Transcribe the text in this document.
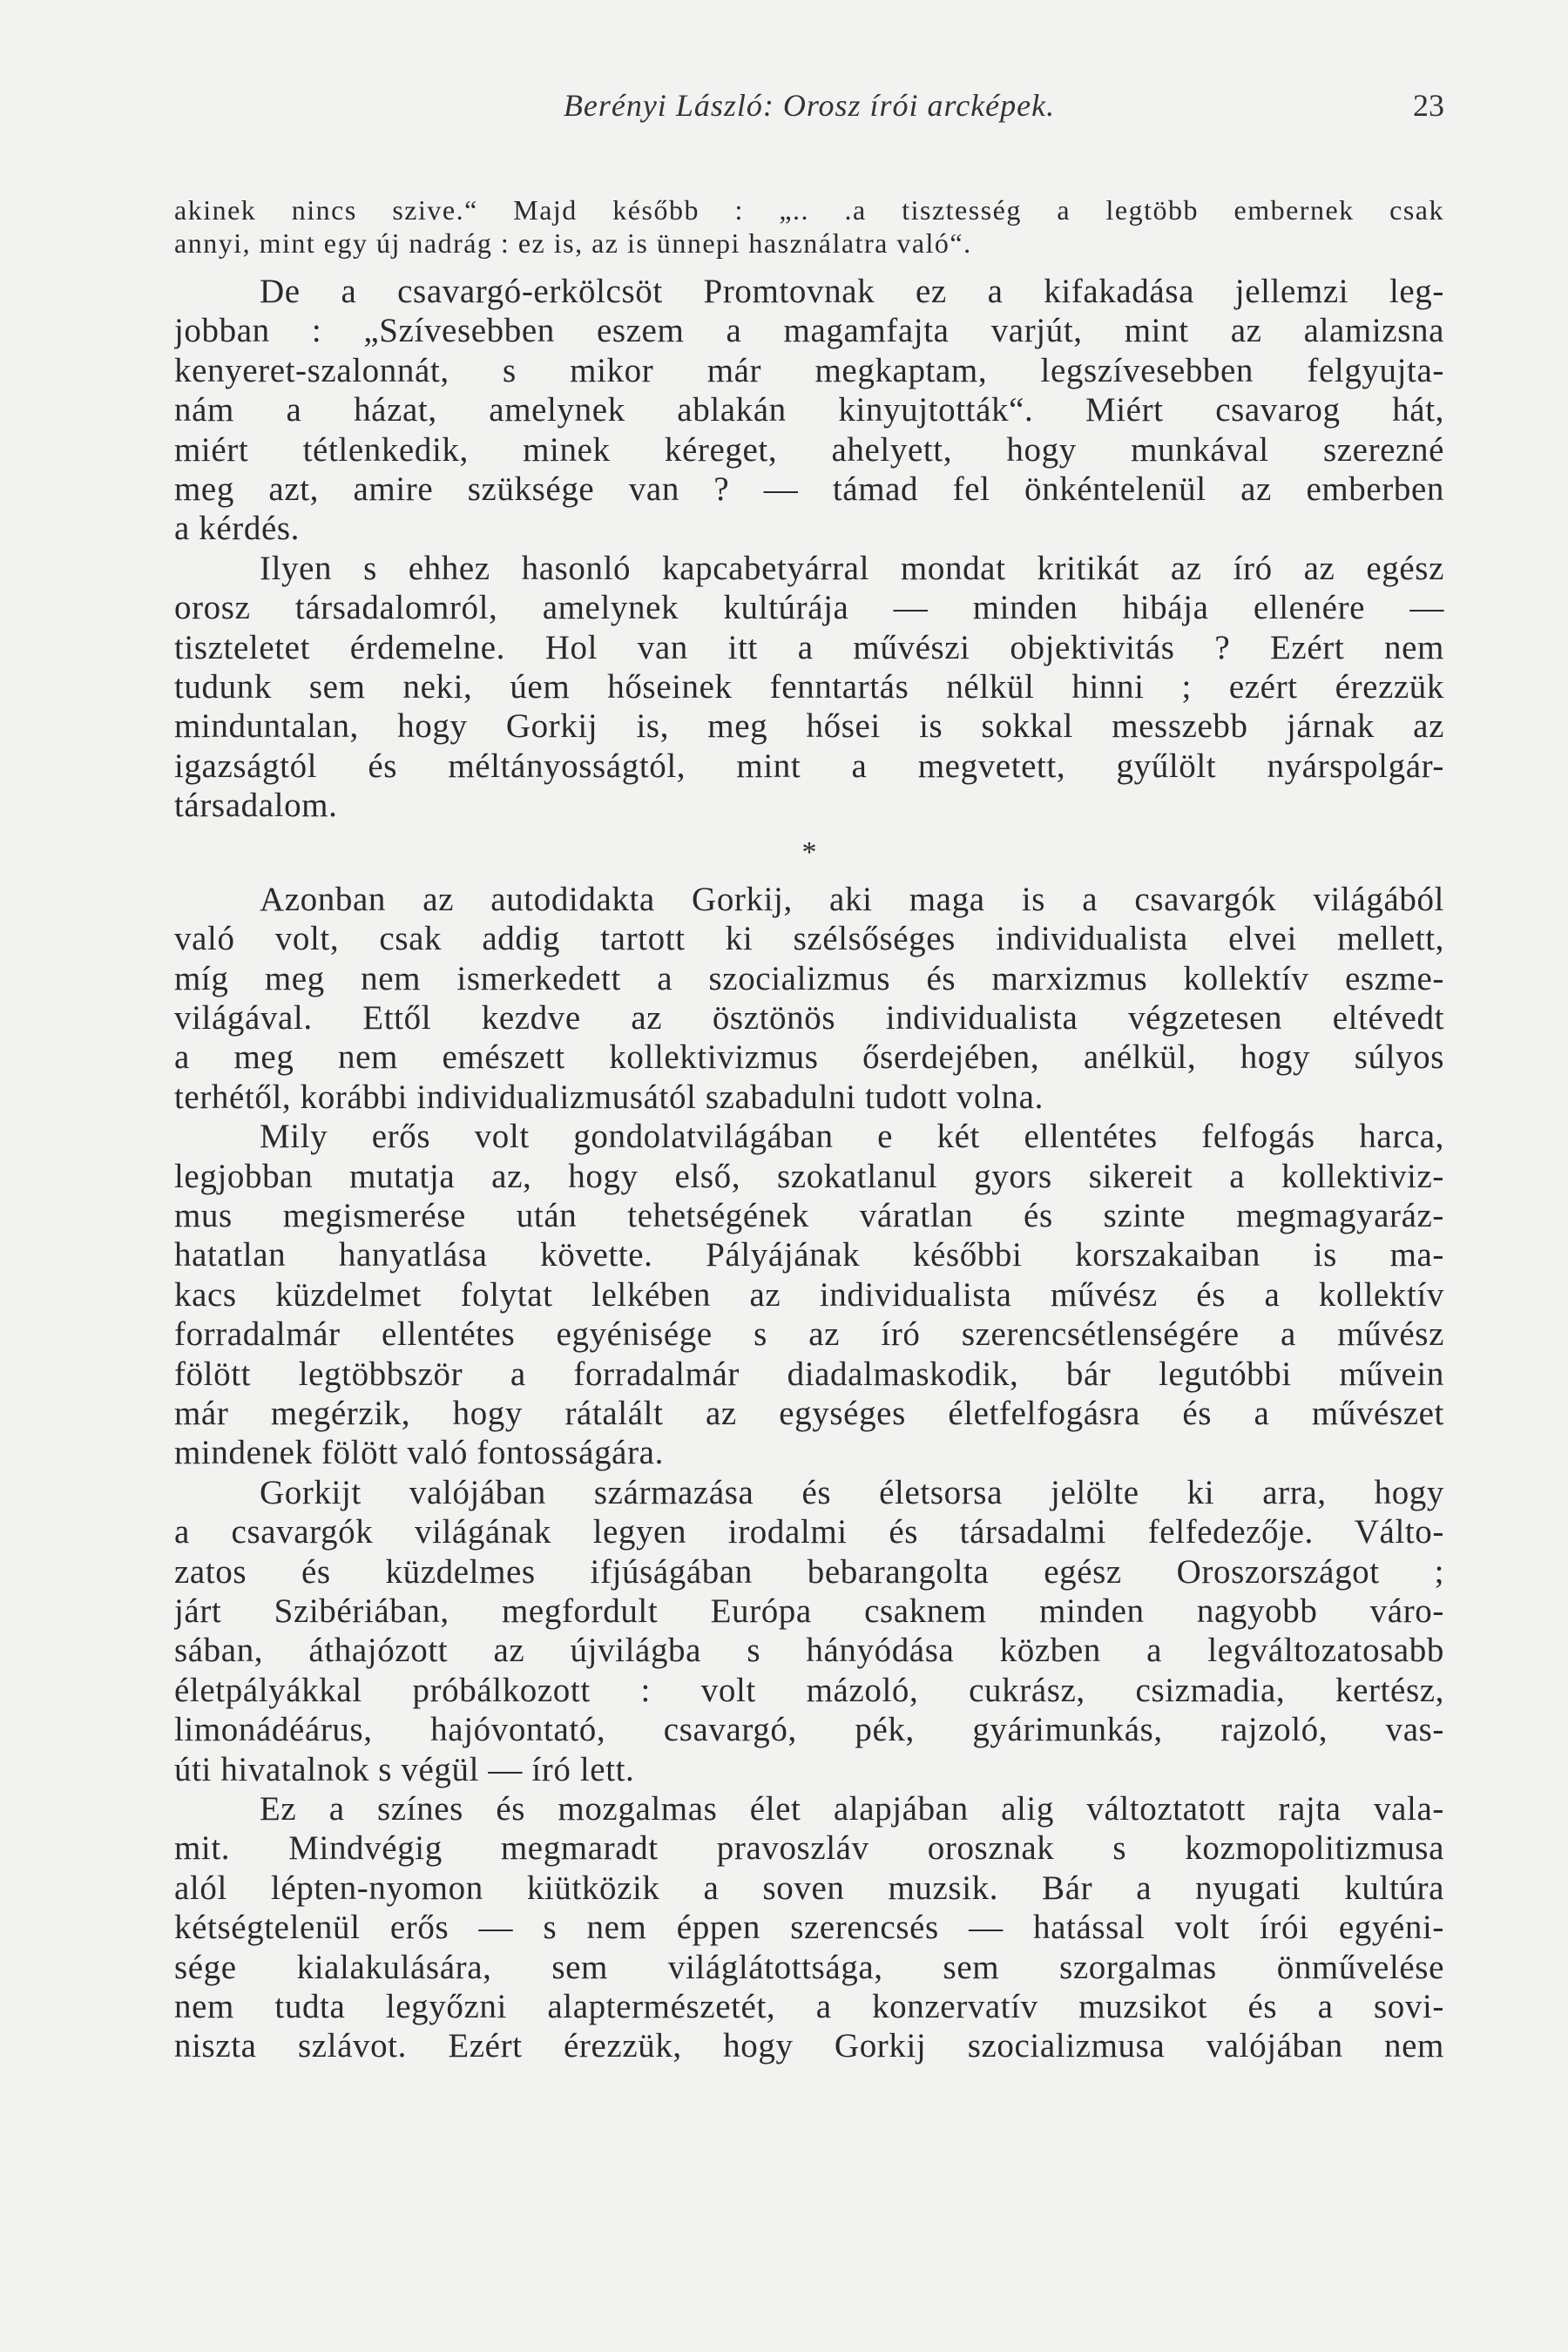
Berényi László: Orosz írói arcképek.	23
akinek nincs szive.“ Majd később : „.. .a tisztesség a legtöbb embernek csak
annyi, mint egy új nadrág : ez is, az is ünnepi használatra való“.
De a csavargó-erkölcsöt Promtovnak ez a kifakadása jellemzi leg-
jobban : „Szívesebben eszem a magamfajta varjút, mint az alamizsna
kenyeret-szalonnát, s mikor már megkaptam, legszívesebben felgyujta-
nám a házat, amelynek ablakán kinyujtották“. Miért csavarog hát,
miért tétlenkedik, minek kéreget, ahelyett, hogy munkával szerezné
meg azt, amire szüksége van ? — támad fel önkéntelenül az emberben
a kérdés.
Ilyen s ehhez hasonló kapcabetyárral mondat kritikát az író az egész
orosz társadalomról, amelynek kultúrája — minden hibája ellenére —
tiszteletet érdemelne. Hol van itt a művészi objektivitás ? Ezért nem
tudunk sem neki, úem hőseinek fenntartás nélkül hinni ; ezért érezzük
minduntalan, hogy Gorkij is, meg hősei is sokkal messzebb járnak az
igazságtól és méltányosságtól, mint a megvetett, gyűlölt nyárspolgár-
társadalom.
*
Azonban az autodidakta Gorkij, aki maga is a csavargók világából
való volt, csak addig tartott ki szélsőséges individualista elvei mellett,
míg meg nem ismerkedett a szocializmus és marxizmus kollektív eszme-
világával. Ettől kezdve az ösztönös individualista végzetesen eltévedt
a meg nem emészett kollektivizmus őserdejében, anélkül, hogy súlyos
terhétől, korábbi individualizmusától szabadulni tudott volna.
Mily erős volt gondolatvilágában e két ellentétes felfogás harca,
legjobban mutatja az, hogy első, szokatlanul gyors sikereit a kollektiviz-
mus megismerése után tehetségének váratlan és szinte megmagyaráz-
hatatlan hanyatlása követte. Pályájának későbbi korszakaiban is ma-
kacs küzdelmet folytat lelkében az individualista művész és a kollektív
forradalmár ellentétes egyénisége s az író szerencsétlenségére a művész
fölött legtöbbször a forradalmár diadalmaskodik, bár legutóbbi művein
már megérzik, hogy rátalált az egységes életfelfogásra és a művészet
mindenek fölött való fontosságára.
Gorkijt valójában származása és életsorsa jelölte ki arra, hogy
a csavargók világának legyen irodalmi és társadalmi felfedezője. Válto-
zatos és küzdelmes ifjúságában bebarangolta egész Oroszországot ;
járt Szibériában, megfordult Európa csaknem minden nagyobb váro-
sában, áthajózott az újvilágba s hányódása közben a legváltozatosabb
életpályákkal próbálkozott : volt mázoló, cukrász, csizmadia, kertész,
limonádéárus, hajóvontató, csavargó, pék, gyárimunkás, rajzoló, vas-
úti hivatalnok s végül — író lett.
Ez a színes és mozgalmas élet alapjában alig változtatott rajta vala-
mit. Mindvégig megmaradt pravoszláv orosznak s kozmopolitizmusa
alól lépten-nyomon kiütközik a soven muzsik. Bár a nyugati kultúra
kétségtelenül erős — s nem éppen szerencsés — hatással volt írói egyéni-
sége kialakulására, sem világlátottsága, sem szorgalmas önművelése
nem tudta legyőzni alaptermészetét, a konzervatív muzsikot és a sovi-
niszta szlávot. Ezért érezzük, hogy Gorkij szocializmusa valójában nem
